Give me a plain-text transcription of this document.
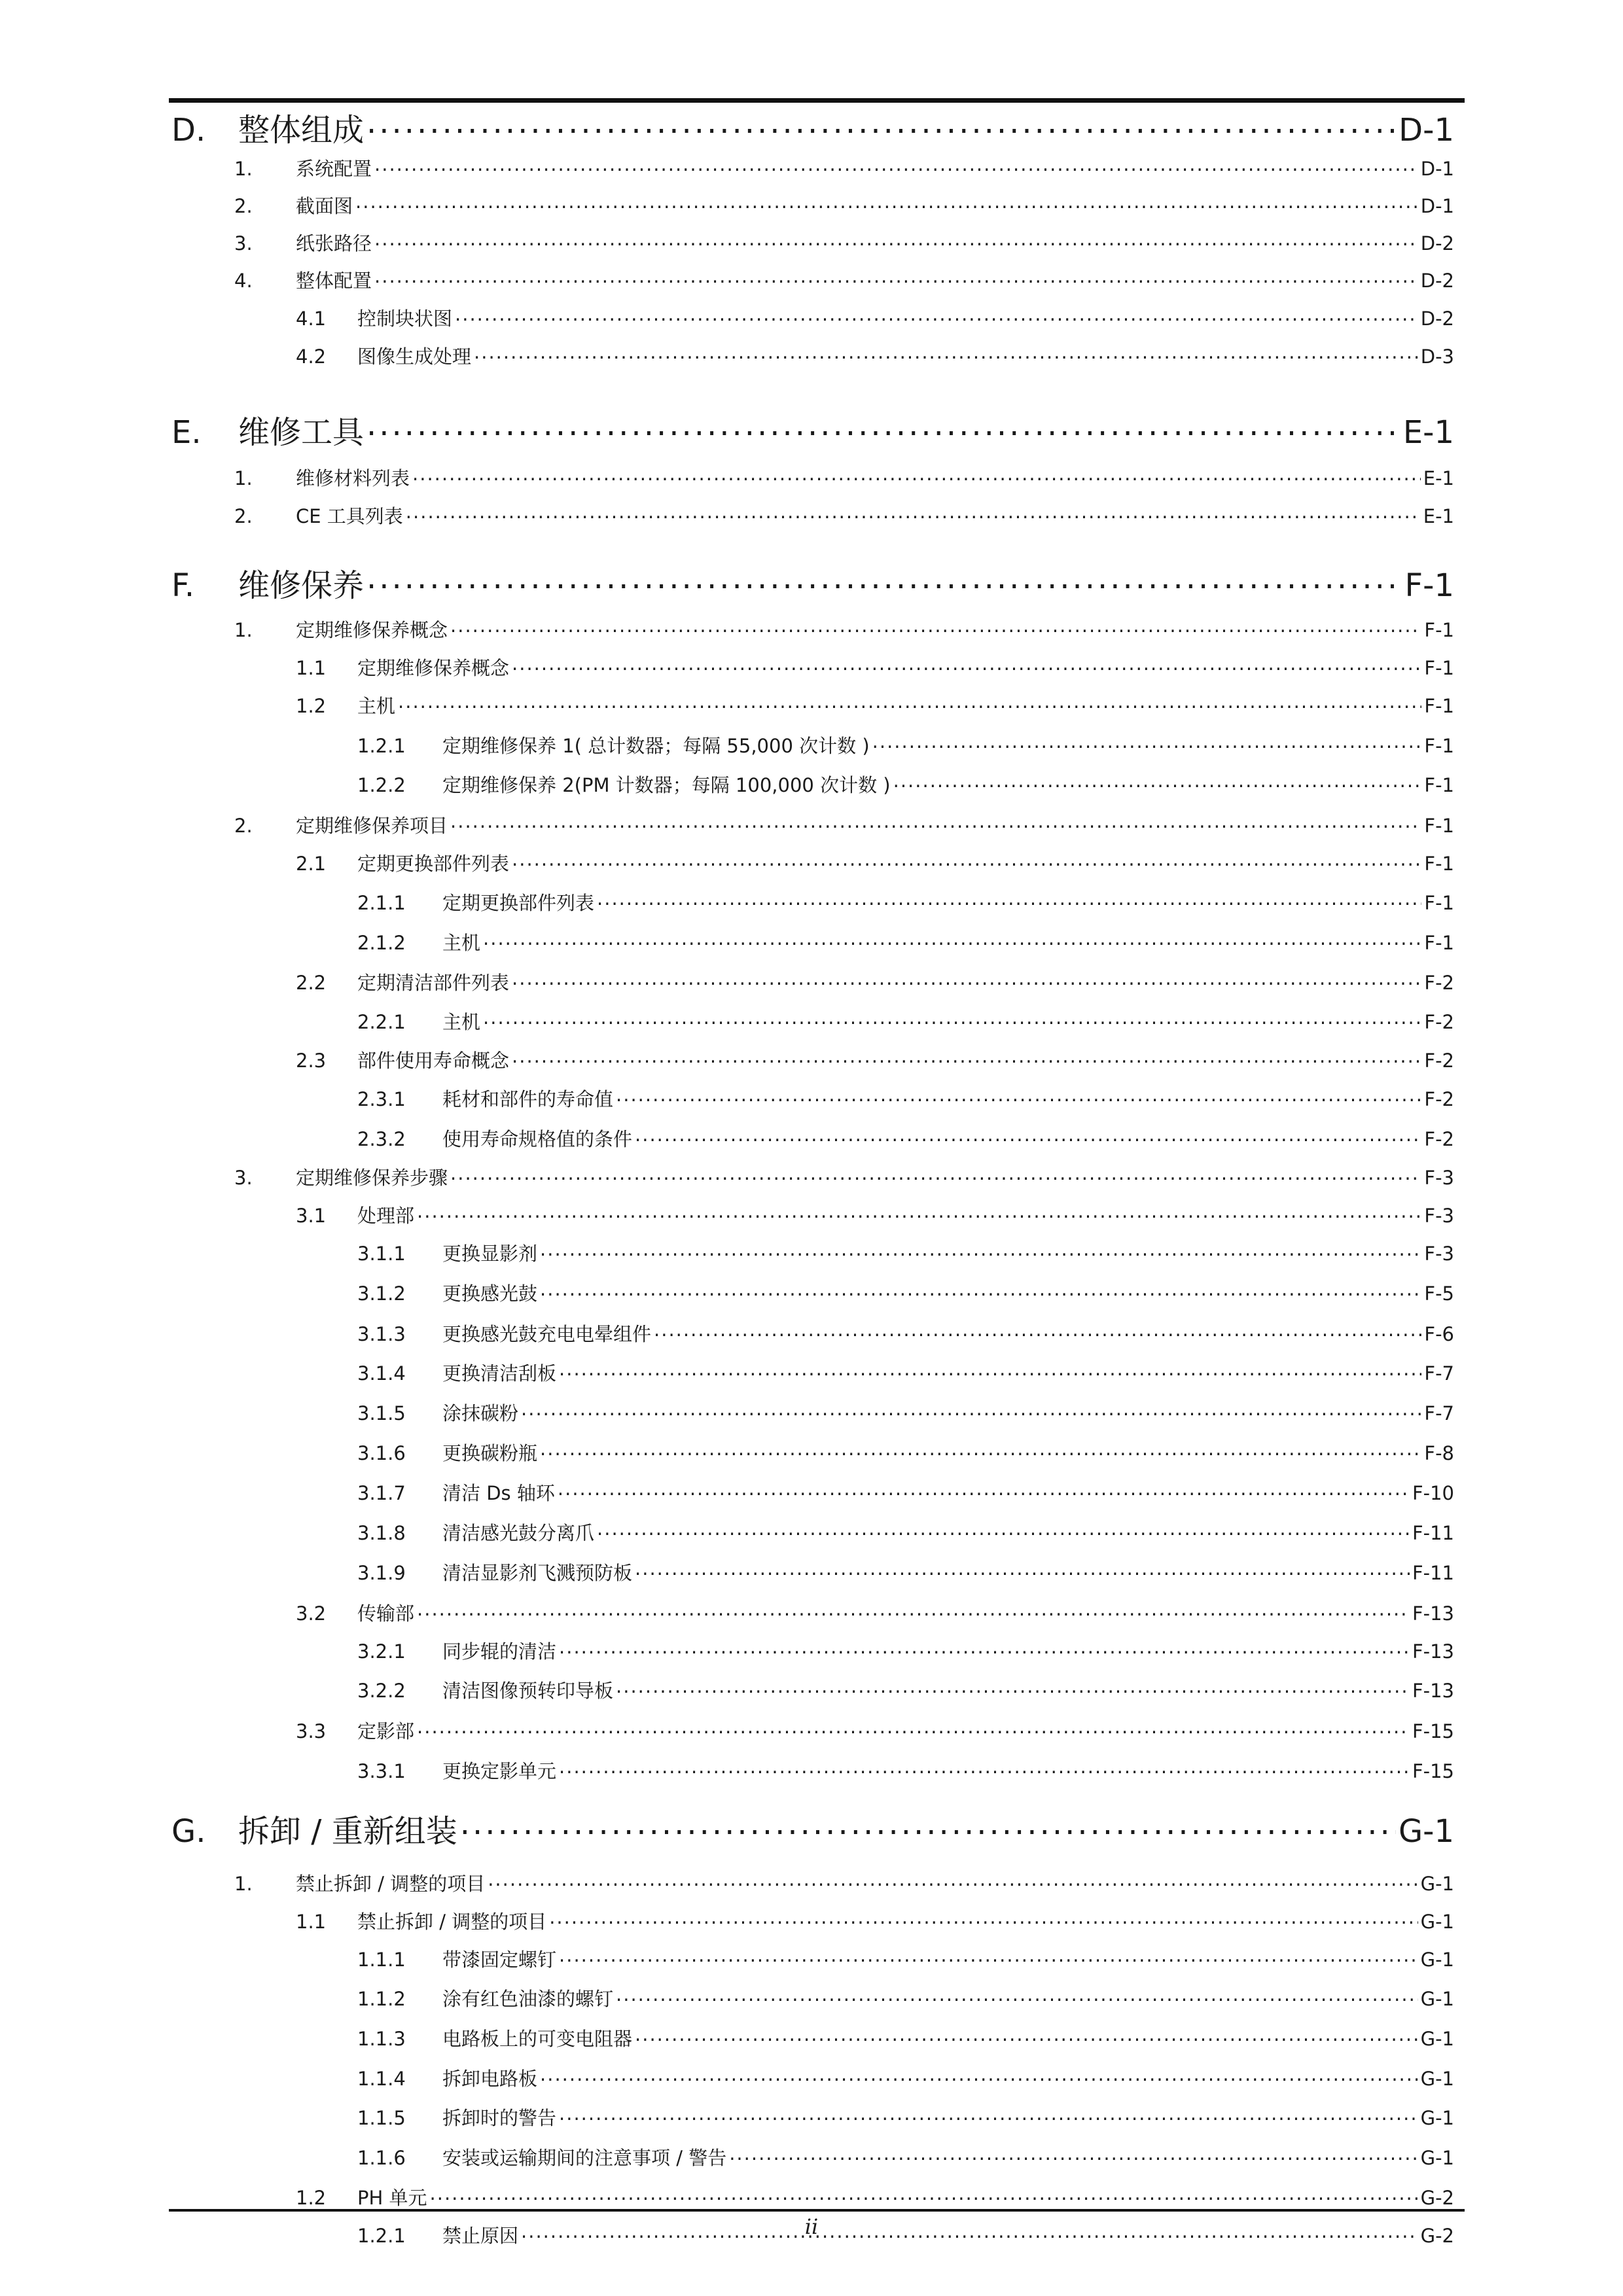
D.	整体组成 .....	D-1
1.	系统配置 .....	D-1
2.	截面图 .....	D-1
3.	纸张路径 .....	D-2
4.	整体配置 .....	D-2
4.1	控制块状图 .....	D-2
4.2	图像生成处理 .....	D-3
E.	维修工具 .....	E-1
1.	维修材料列表 .....	E-1
2.	CE 工具列表 .....	E-1
F.	维修保养 .....	F-1
1.	定期维修保养概念 .....	F-1
1.1	定期维修保养概念 .....	F-1
1.2	主机 .....	F-1
1.2.1	定期维修保养 1( 总计数器；每隔 55,000 次计数 ) .....	F-1
1.2.2	定期维修保养 2(PM 计数器；每隔 100,000 次计数 ) .....	F-1
2.	定期维修保养项目 .....	F-1
2.1	定期更换部件列表 .....	F-1
2.1.1	定期更换部件列表 .....	F-1
2.1.2	主机 .....	F-1
2.2	定期清洁部件列表 .....	F-2
2.2.1	主机 .....	F-2
2.3	部件使用寿命概念 .....	F-2
2.3.1	耗材和部件的寿命值 .....	F-2
2.3.2	使用寿命规格值的条件 .....	F-2
3.	定期维修保养步骤 .....	F-3
3.1	处理部 .....	F-3
3.1.1	更换显影剂 .....	F-3
3.1.2	更换感光鼓 .....	F-5
3.1.3	更换感光鼓充电电晕组件 .....	F-6
3.1.4	更换清洁刮板 .....	F-7
3.1.5	涂抹碳粉 .....	F-7
3.1.6	更换碳粉瓶 .....	F-8
3.1.7	清洁 Ds 轴环 .....	F-10
3.1.8	清洁感光鼓分离爪 .....	F-11
3.1.9	清洁显影剂飞溅预防板 .....	F-11
3.2	传输部 .....	F-13
3.2.1	同步辊的清洁 .....	F-13
3.2.2	清洁图像预转印导板 .....	F-13
3.3	定影部 .....	F-15
3.3.1	更换定影单元 .....	F-15
G.	拆卸 / 重新组装 .....	G-1
1.	禁止拆卸 / 调整的项目 .....	G-1
1.1	禁止拆卸 / 调整的项目 .....	G-1
1.1.1	带漆固定螺钉 .....	G-1
1.1.2	涂有红色油漆的螺钉 .....	G-1
1.1.3	电路板上的可变电阻器 .....	G-1
1.1.4	拆卸电路板 .....	G-1
1.1.5	拆卸时的警告 .....	G-1
1.1.6	安装或运输期间的注意事项 / 警告 .....	G-1
1.2	PH 单元 .....	G-2
1.2.1	禁止原因 .....	G-2
ii
